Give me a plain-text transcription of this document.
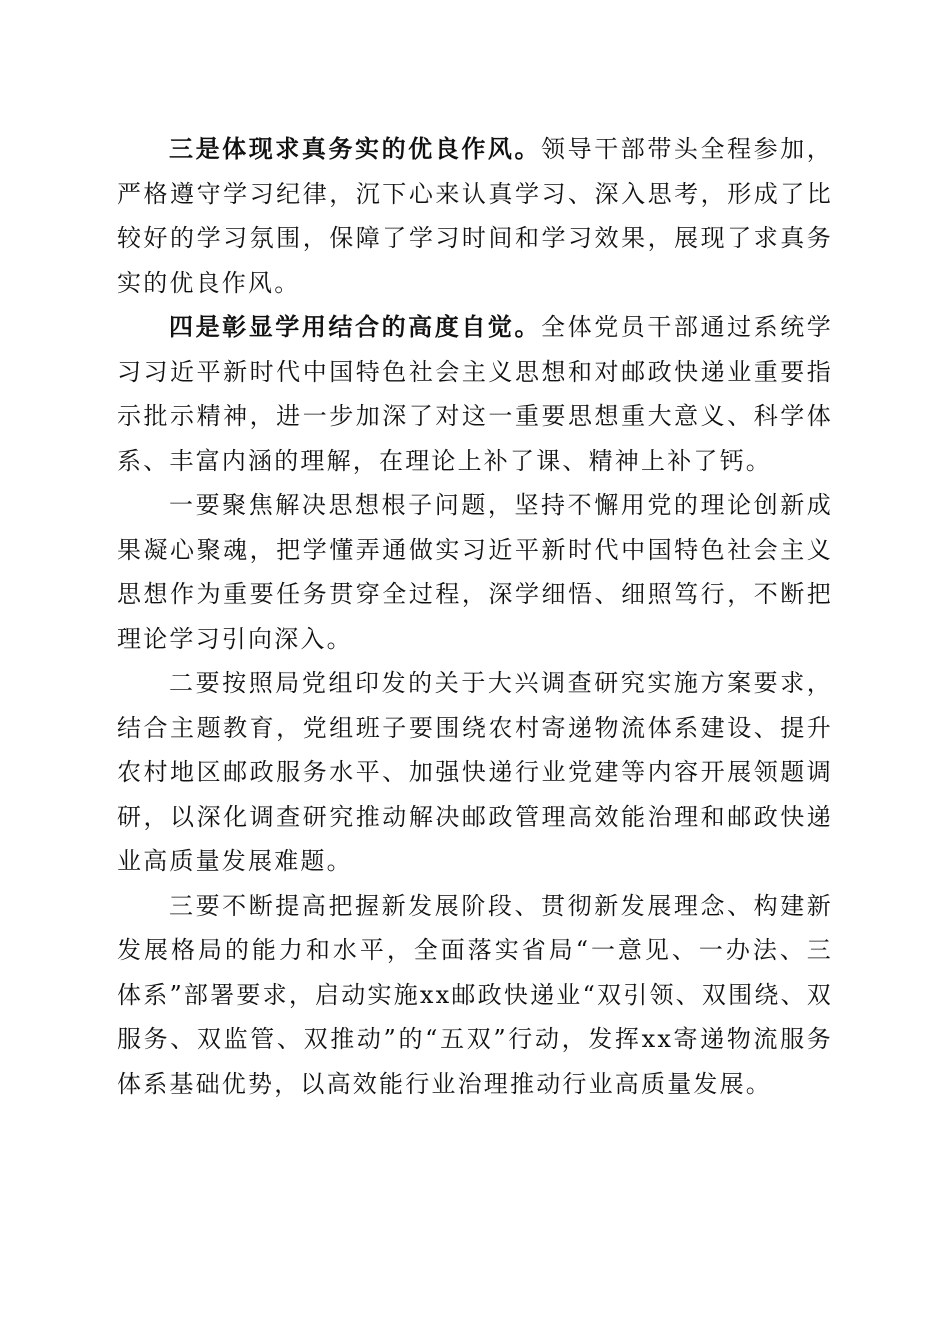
三是体现求真务实的优良作风。领导干部带头全程参加，严格遵守学习纪律，沉下心来认真学习、深入思考，形成了比较好的学习氛围，保障了学习时间和学习效果，展现了求真务实的优良作风。

四是彰显学用结合的高度自觉。全体党员干部通过系统学习习近平新时代中国特色社会主义思想和对邮政快递业重要指示批示精神，进一步加深了对这一重要思想重大意义、科学体系、丰富内涵的理解，在理论上补了课、精神上补了钙。

一要聚焦解决思想根子问题，坚持不懈用党的理论创新成果凝心聚魂，把学懂弄通做实习近平新时代中国特色社会主义思想作为重要任务贯穿全过程，深学细悟、细照笃行，不断把理论学习引向深入。

二要按照局党组印发的关于大兴调查研究实施方案要求，结合主题教育，党组班子要围绕农村寄递物流体系建设、提升农村地区邮政服务水平、加强快递行业党建等内容开展领题调研，以深化调查研究推动解决邮政管理高效能治理和邮政快递业高质量发展难题。

三要不断提高把握新发展阶段、贯彻新发展理念、构建新发展格局的能力和水平，全面落实省局“一意见、一办法、三体系”部署要求，启动实施xx邮政快递业“双引领、双围绕、双服务、双监管、双推动”的“五双”行动，发挥xx寄递物流服务体系基础优势，以高效能行业治理推动行业高质量发展。
